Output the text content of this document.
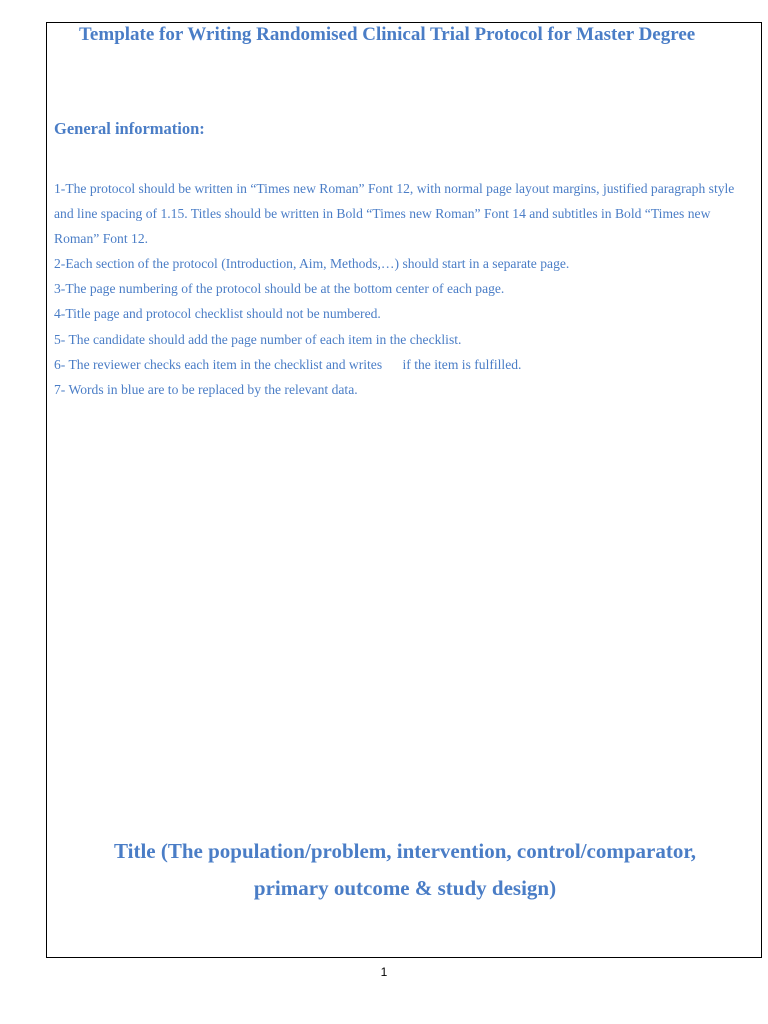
Template for Writing Randomised Clinical Trial Protocol for Master Degree
General information:
1-The protocol should be written in “Times new Roman” Font 12, with normal page layout margins, justified paragraph style and line spacing of 1.15. Titles should be written in Bold “Times new Roman” Font 14 and subtitles in Bold “Times new Roman” Font 12.
2-Each section of the protocol (Introduction, Aim, Methods,…) should start in a separate page.
3-The page numbering of the protocol should be at the bottom center of each page.
4-Title page and protocol checklist should not be numbered.
5- The candidate should add the page number of each item in the checklist.
6- The reviewer checks each item in the checklist and writes      if the item is fulfilled.
7- Words in blue are to be replaced by the relevant data.
Title (The population/problem, intervention, control/comparator,
primary outcome & study design)
1
